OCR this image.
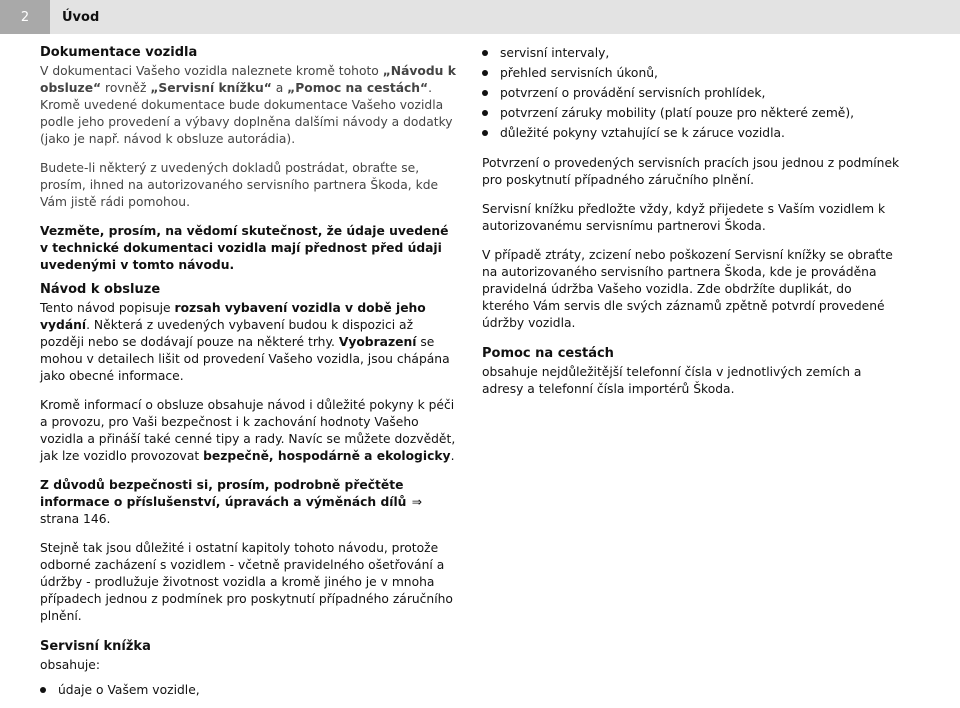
2	Úvod
Dokumentace vozidla

V dokumentaci Vašeho vozidla naleznete kromě tohoto „Návodu k obsluze“ rovněž „Servisní knížku“ a „Pomoc na cestách“. Kromě uvedené dokumentace bude dokumentace Vašeho vozidla podle jeho provedení a výbavy doplněna dalšími návody a dodatky (jako je např. návod k obsluze autorádia).

Budete-li některý z uvedených dokladů postrádat, obraťte se, prosím, ihned na autorizovaného servisního partnera Škoda, kde Vám jistě rádi pomohou.

Vezměte, prosím, na vědomí skutečnost, že údaje uvedené v technické dokumentaci vozidla mají přednost před údaji uvedenými v tomto návodu.

Návod k obsluze

Tento návod popisuje rozsah vybavení vozidla v době jeho vydání. Některá z uvedených vybavení budou k dispozici až později nebo se dodávají pouze na některé trhy. Vyobrazení se mohou v detailech lišit od provedení Vašeho vozidla, jsou chápána jako obecné informace.

Kromě informací o obsluze obsahuje návod i důležité pokyny k péči a provozu, pro Vaši bezpečnost i k zachování hodnoty Vašeho vozidla a přináší také cenné tipy a rady. Navíc se můžete dozvědět, jak lze vozidlo provozovat bezpečně, hospodárně a ekologicky.

Z důvodů bezpečnosti si, prosím, podrobně přečtěte informace o příslušenství, úpravách a výměnách dílů ⇒ strana 146.

Stejně tak jsou důležité i ostatní kapitoly tohoto návodu, protože odborné zacházení s vozidlem - včetně pravidelného ošetřování a údržby - prodlužuje životnost vozidla a kromě jiného je v mnoha případech jednou z podmínek pro poskytnutí případného záručního plnění.

Servisní knížka

obsahuje:

údaje o Vašem vozidle,
servisní intervaly,
přehled servisních úkonů,
potvrzení o provádění servisních prohlídek,
potvrzení záruky mobility (platí pouze pro některé země),
důležité pokyny vztahující se k záruce vozidla.

Potvrzení o provedených servisních pracích jsou jednou z podmínek pro poskytnutí případného záručního plnění.

Servisní knížku předložte vždy, když přijedete s Vaším vozidlem k autorizovanému servisnímu partnerovi Škoda.

V případě ztráty, zcizení nebo poškození Servisní knížky se obraťte na autorizovaného servisního partnera Škoda, kde je prováděna pravidelná údržba Vašeho vozidla. Zde obdržíte duplikát, do kterého Vám servis dle svých záznamů zpětně potvrdí provedené údržby vozidla.

Pomoc na cestách

obsahuje nejdůležitější telefonní čísla v jednotlivých zemích a adresy a telefonní čísla importérů Škoda.
